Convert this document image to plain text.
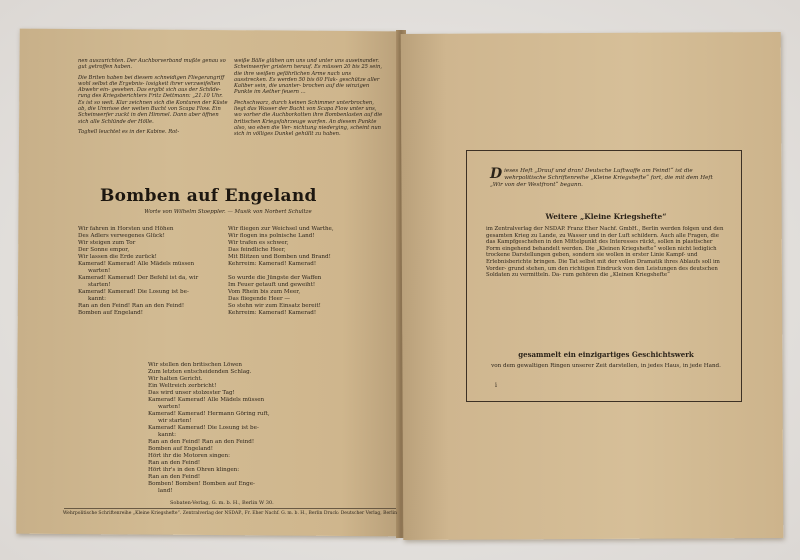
nen auszurichten. Der Auchborverband mußte genau so gut getroffen haben.

Die Briten haben bei diesem schneidigen Fliegerangriff wohl selbst die Ergebnis- losigkeit ihrer verzweifelten Abwehr ein- gesehen. Das ergibt sich aus der Schilde- rung des Kriegsberichters Fritz Dettmann: „21.10 Uhr. Es ist so weit. Klar zeichnen sich die Konturen der Küste ab, die Umrisse der weiten Bucht von Scapa Flow. Ein Scheinwerfer zuckt in den Himmel. Dann aber öffnen sich alle Schlünde der Hölle.

Taghell leuchtet es in der Kabine. Rot-

weiße Bälle glühen um uns und unter uns auseinander. Scheinwerfer gristern herauf. Es müssen 20 bis 25 sein, die ihre weißen gefährlichen Arme nach uns ausstrecken. Es werden 50 bis 60 Flak- geschütze aller Kaliber sein, die unanter- brochen auf die winzigen Punkte im Aether feuern ...

Pechschwarz, durch keinen Schimmer unterbrochen, liegt das Wasser der Bucht von Scapa Flow unter uns, wo vorher die Auchborkotten ihre Bombenlasten auf die britischen Kriegsfahrzeuge warfen. An diesem Punkte also, wo eben die Ver- nichtung niederging, scheint nun sich in völliges Dunkel gehüllt zu haben.

Bomben auf Engeland
Worte von Wilhelm Stoeppler. — Musik von Norbert Schultze
Wir fahren in Horsten und Höhen
Des Adlers verwegenes Glück!
Wir steigen zum Tor
Der Sonne empor,
Wir lassen die Erde zurück!
Kamerad! Kamerad! Alle Mädels müssen
warten!
Kamerad! Kamerad! Der Befehl ist da, wir
starten!
Kamerad! Kamerad! Die Losung ist be-
kannt:
Ran an den Feind! Ran an den Feind!
Bomben auf Engeland!
Wir fliegen zur Weichsel und Warthe,
Wir flogen ins polnische Land!
Wir trafen es schwer,
Das feindliche Heer,
Mit Blitzen und Bomben und Brand!
Kehrreim: Kamerad! Kamerad!
So wurde die Jüngste der Waffen
Im Feuer getauft und geweiht!
Vom Rhein bis zum Meer,
Das fliegende Heer —
So stehn wir zum Einsatz bereit!
Kehrreim: Kamerad! Kamerad!
Wir stellen den britischen Löwen
Zum letzten entscheidenden Schlag.
Wir halten Gericht.
Ein Weltreich zerbricht!
Das wird unser stolzester Tag!
Kamerad! Kamerad! Alle Mädels müssen
warten!
Kamerad! Kamerad! Hermann Göring ruft,
wir starten!
Kamerad! Kamerad! Die Losung ist be-
kannt:
Ran an den Feind! Ran an den Feind!
Bomben auf Engeland!
Hört ihr die Motoren singen:
Ran an den Feind!
Hört ihr's in den Ohren klingen:
Ran an den Feind!
Bomben! Bomben! Bomben auf Enge-
land!
Sobaten-Verlag, G. m. b. H., Berlin W 30.
Wehrpolitische Schriftenreihe „Kleine Kriegshefte“. Zentralverlag der NSDAP., Fr. Eher Nachf. G. m. b. H., Berlin Druck: Deutscher Verlag, Berlin
D ieses Heft „Drauf und dran! Deutsche Luftwaffe am Feind!“ ist die wehrpolitische Schriftenreihe „Kleine Kriegshefte“ fort, die mit dem Heft „Wir von der Westfront“ begann.
Weitere „Kleine Kriegshefte“
im Zentralverlag der NSDAP. Franz Eher Nachf. GmbH., Berlin werden folgen und den gesamten Krieg zu Lande, zu Wasser und in der Luft schildern. Auch alle Fragen, die das Kampfgeschehen in den Mittelpunkt des Interesses rückt, sollen in plastischer Form eingehend behandelt werden. Die „Kleinen Kriegshefte“ wollen nicht lediglich trockene Darstellungen geben, sondern sie wollen in erster Linie Kampf- und Erlebnisberichte bringen. Die Tat selbst mit der vollen Dramatik ihres Ablaufs soll im Vorder- grund stehen, um den richtigen Eindruck von den Leistungen des deutschen Soldaten zu vermitteln. Da- rum gehören die „Kleinen Kriegshefte“
gesammelt ein einzigartiges Geschichtswerk
von dem gewaltigen Ringen unserer Zeit darstellen, in jedes Haus, in jede Hand.
i
